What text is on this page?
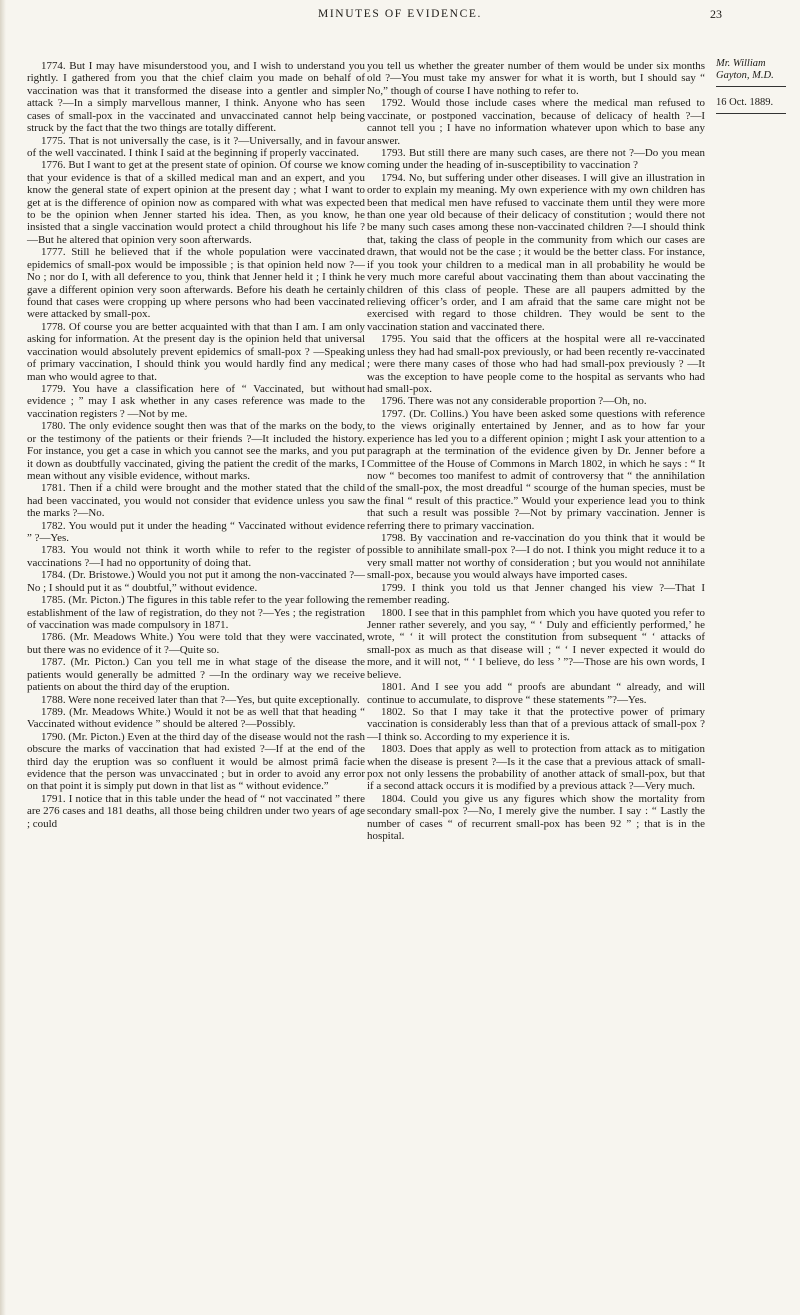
MINUTES OF EVIDENCE.	23

1774. But I may have misunderstood you, and I wish to understand you rightly. I gathered from you that the chief claim you made on behalf of vaccination was that it transformed the disease into a gentler and simpler attack ?—In a simply marvellous manner, I think. Anyone who has seen cases of small-pox in the vaccinated and unvaccinated cannot help being struck by the fact that the two things are totally different.

1775. That is not universally the case, is it ?—Universally, and in favour of the well vaccinated. I think I said at the beginning if properly vaccinated.

1776. But I want to get at the present state of opinion. Of course we know that your evidence is that of a skilled medical man and an expert, and you know the general state of expert opinion at the present day ; what I want to get at is the difference of opinion now as compared with what was expected to be the opinion when Jenner started his idea. Then, as you know, he insisted that a single vaccination would protect a child throughout his life ?—But he altered that opinion very soon afterwards.

1777. Still he believed that if the whole population were vaccinated epidemics of small-pox would be impossible ; is that opinion held now ?—No ; nor do I, with all deference to you, think that Jenner held it ; I think he gave a different opinion very soon afterwards. Before his death he certainly found that cases were cropping up where persons who had been vaccinated were attacked by small-pox.

1778. Of course you are better acquainted with that than I am. I am only asking for information. At the present day is the opinion held that universal vaccination would absolutely prevent epidemics of small-pox ? —Speaking of primary vaccination, I should think you would hardly find any medical man who would agree to that.

1779. You have a classification here of “ Vaccinated, but without evidence ; ” may I ask whether in any cases reference was made to the vaccination registers ? —Not by me.

1780. The only evidence sought then was that of the marks on the body, or the testimony of the patients or their friends ?—It included the history. For instance, you get a case in which you cannot see the marks, and you put it down as doubtfully vaccinated, giving the patient the credit of the marks, I mean without any visible evidence, without marks.

1781. Then if a child were brought and the mother stated that the child had been vaccinated, you would not consider that evidence unless you saw the marks ?—No.

1782. You would put it under the heading “ Vaccinated without evidence ” ?—Yes.

1783. You would not think it worth while to refer to the register of vaccinations ?—I had no opportunity of doing that.

1784. (Dr. Bristowe.) Would you not put it among the non-vaccinated ?—No ; I should put it as “ doubtful,” without evidence.

1785. (Mr. Picton.) The figures in this table refer to the year following the establishment of the law of registration, do they not ?—Yes ; the registration of vaccination was made compulsory in 1871.

1786. (Mr. Meadows White.) You were told that they were vaccinated, but there was no evidence of it ?—Quite so.

1787. (Mr. Picton.) Can you tell me in what stage of the disease the patients would generally be admitted ? —In the ordinary way we receive patients on about the third day of the eruption.

1788. Were none received later than that ?—Yes, but quite exceptionally.

1789. (Mr. Meadows White.) Would it not be as well that that heading “ Vaccinated without evidence ” should be altered ?—Possibly.

1790. (Mr. Picton.) Even at the third day of the disease would not the rash obscure the marks of vaccination that had existed ?—If at the end of the third day the eruption was so confluent it would be almost primâ facie evidence that the person was unvaccinated ; but in order to avoid any error on that point it is simply put down in that list as “ without evidence.”

1791. I notice that in this table under the head of “ not vaccinated ” there are 276 cases and 181 deaths, all those being children under two years of age ; could

you tell us whether the greater number of them would be under six months old ?—You must take my answer for what it is worth, but I should say “ No,” though of course I have nothing to refer to.

1792. Would those include cases where the medical man refused to vaccinate, or postponed vaccination, because of delicacy of health ?—I cannot tell you ; I have no information whatever upon which to base any answer.

1793. But still there are many such cases, are there not ?—Do you mean coming under the heading of in-susceptibility to vaccination ?

1794. No, but suffering under other diseases. I will give an illustration in order to explain my meaning. My own experience with my own children has been that medical men have refused to vaccinate them until they were more than one year old because of their delicacy of constitution ; would there not be many such cases among these non-vaccinated children ?—I should think that, taking the class of people in the community from which our cases are drawn, that would not be the case ; it would be the better class. For instance, if you took your children to a medical man in all probability he would be very much more careful about vaccinating them than about vaccinating the children of this class of people. These are all paupers admitted by the relieving officer’s order, and I am afraid that the same care might not be exercised with regard to those children. They would be sent to the vaccination station and vaccinated there.

1795. You said that the officers at the hospital were all re-vaccinated unless they had had small-pox previously, or had been recently re-vaccinated ; were there many cases of those who had had small-pox previously ? —It was the exception to have people come to the hospital as servants who had had small-pox.

1796. There was not any considerable proportion ?—Oh, no.

1797. (Dr. Collins.) You have been asked some questions with reference to the views originally entertained by Jenner, and as to how far your experience has led you to a different opinion ; might I ask your attention to a paragraph at the termination of the evidence given by Dr. Jenner before a Committee of the House of Commons in March 1802, in which he says : “ It now “ becomes too manifest to admit of controversy that “ the annihilation of the small-pox, the most dreadful “ scourge of the human species, must be the final “ result of this practice.” Would your experience lead you to think that such a result was possible ?—Not by primary vaccination. Jenner is referring there to primary vaccination.

1798. By vaccination and re-vaccination do you think that it would be possible to annihilate small-pox ?—I do not. I think you might reduce it to a very small matter not worthy of consideration ; but you would not annihilate small-pox, because you would always have imported cases.

1799. I think you told us that Jenner changed his view ?—That I remember reading.

1800. I see that in this pamphlet from which you have quoted you refer to Jenner rather severely, and you say, “ ‘ Duly and efficiently performed,’ he wrote, “ ‘ it will protect the constitution from subsequent “ ‘ attacks of small-pox as much as that disease will ; “ ‘ I never expected it would do more, and it will not, “ ‘ I believe, do less ’ ”?—Those are his own words, I believe.

1801. And I see you add “ proofs are abundant “ already, and will continue to accumulate, to disprove “ these statements ”?—Yes.

1802. So that I may take it that the protective power of primary vaccination is considerably less than that of a previous attack of small-pox ?—I think so. According to my experience it is.

1803. Does that apply as well to protection from attack as to mitigation when the disease is present ?—Is it the case that a previous attack of small-pox not only lessens the probability of another attack of small-pox, but that if a second attack occurs it is modified by a previous attack ?—Very much.

1804. Could you give us any figures which show the mortality from secondary small-pox ?—No, I merely give the number. I say : “ Lastly the number of cases “ of recurrent small-pox has been 92 ” ; that is in the hospital.

Mr. William Gayton, M.D.
16 Oct. 1889.
